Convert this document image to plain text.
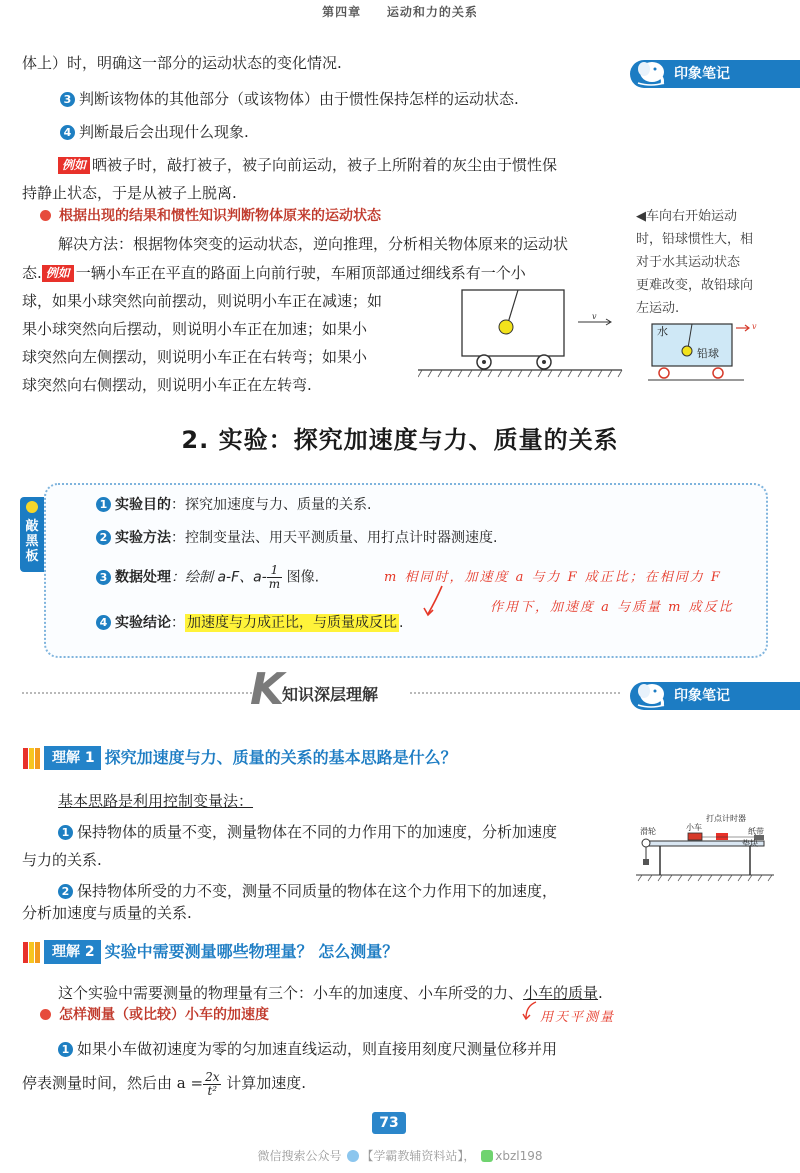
第四章 运动和力的关系
印象笔记
体上）时，明确这一部分的运动状态的变化情况.
3 判断该物体的其他部分（或该物体）由于惯性保持怎样的运动状态.
4 判断最后会出现什么现象.
例如 晒被子时，敲打被子，被子向前运动，被子上所附着的灰尘由于惯性保
持静止状态，于是从被子上脱离.
根据出现的结果和惯性知识判断物体原来的运动状态
解决方法：根据物体突变的运动状态，逆向推理，分析相关物体原来的运动状
态. 例如 一辆小车正在平直的路面上向前行驶，车厢顶部通过细线系有一个小
球，如果小球突然向前摆动，则说明小车正在减速；如
果小球突然向后摆动，则说明小车正在加速；如果小
球突然向左侧摆动，则说明小车正在右转弯；如果小
球突然向右侧摆动，则说明小车正在左转弯.
v
◀车向右开始运动
时，铅球惯性大，相
对于水其运动状态
更难改变，故铅球向
左运动.
水
铅球
v
2. 实验：探究加速度与力、质量的关系
敲黑板
1 实验目的：探究加速度与力、质量的关系.
2 实验方法：控制变量法、用天平测质量、用打点计时器测速度.
3 数据处理：绘制 a-F、$a- \frac{1}{m}$ 图像.
4 实验结论： 加速度与力成正比，与质量成反比 .
m 相同时，加速度 a 与力 F 成正比；在相同力 F
作用下，加速度 a 与质量 m 成反比
K
知识深层理解	印象笔记
理解 1 探究加速度与力、质量的关系的基本思路是什么？
基本思路是利用控制变量法：
1 保持物体的质量不变，测量物体在不同的力作用下的加速度，分析加速度
与力的关系.
2 保持物体所受的力不变，测量不同质量的物体在这个力作用下的加速度，
分析加速度与质量的关系.
滑轮	小车
打点计时器
纸带
垫块
理解 2 实验中需要测量哪些物理量？ 怎么测量？
这个实验中需要测量的物理量有三个：小车的加速度、小车所受的力、小车的质量.
用天平测量
怎样测量（或比较）小车的加速度
1 如果小车做初速度为零的匀加速直线运动，则直接用刻度尺测量位移并用
停表测量时间，然后由 $a = \frac{2x}{\text{t²}}$ 计算加速度.
73
微信搜索公众号 【学霸教辅资料站】， xbzl198
